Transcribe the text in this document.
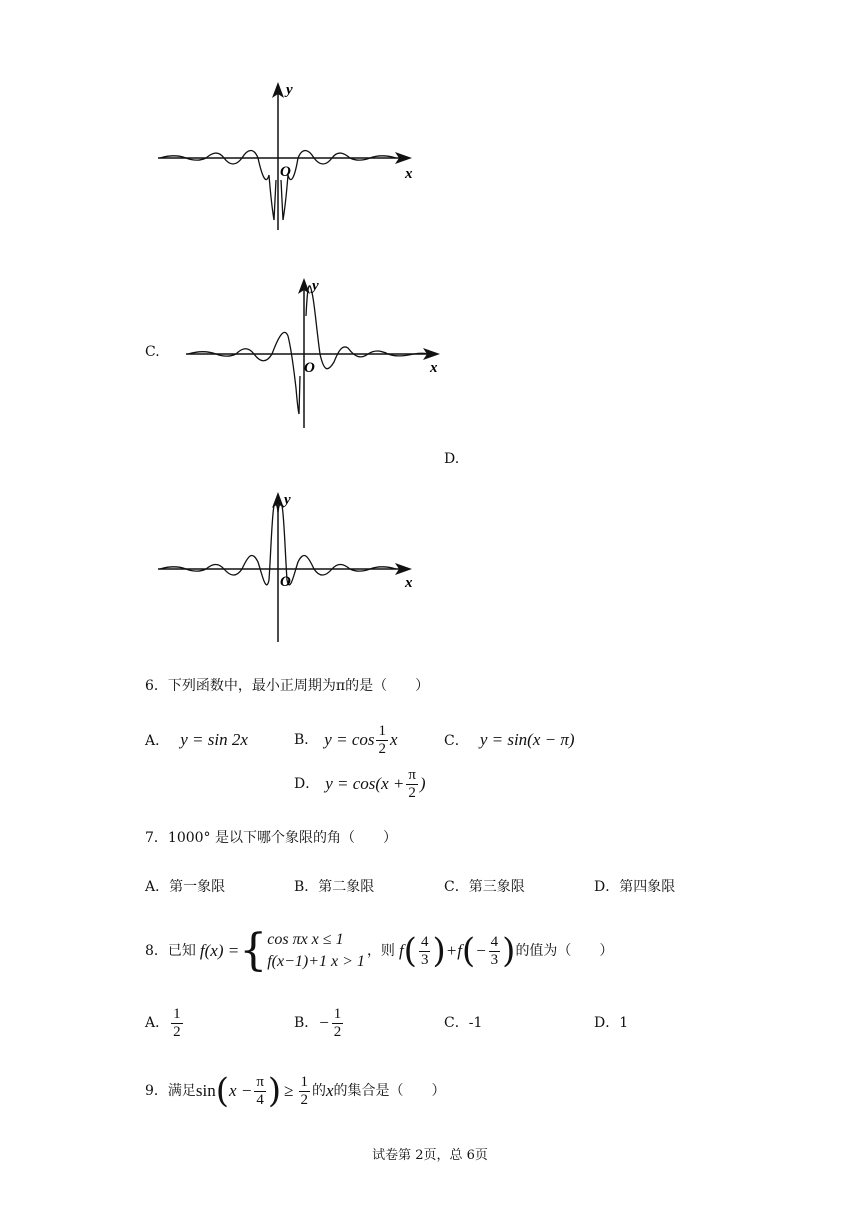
x
y
O
C.
x
y
O
D.
x
y
O
6．下列函数中，最小正周期为π的是（　　）
A． y = sin 2x	B． $y = \cos \frac{1}{2}$ x	C． y = sin(x − π)
D． $y = \cos(x + \frac{\pi}{2}$ )
7．1000° 是以下哪个象限的角（　　）
A．第一象限	B．第二象限	C．第三象限	D．第四象限
8．已知 f(x) = { cos πx x ≤ 1
f(x−1)+1 x > 1
，则 f ( $\frac{4}{3}$ ) + f ( − $\frac{4}{3}$ ) 的值为（　　）
A． $\frac{1}{2}$	B． − $\frac{1}{2}$	C．-1	D．1
9．满足 sin ( $x - \frac{\pi}{4}$ ) ≥ $\frac{1}{2}$ 的 x 的集合是（　　）
试卷第 2页，总 6页
